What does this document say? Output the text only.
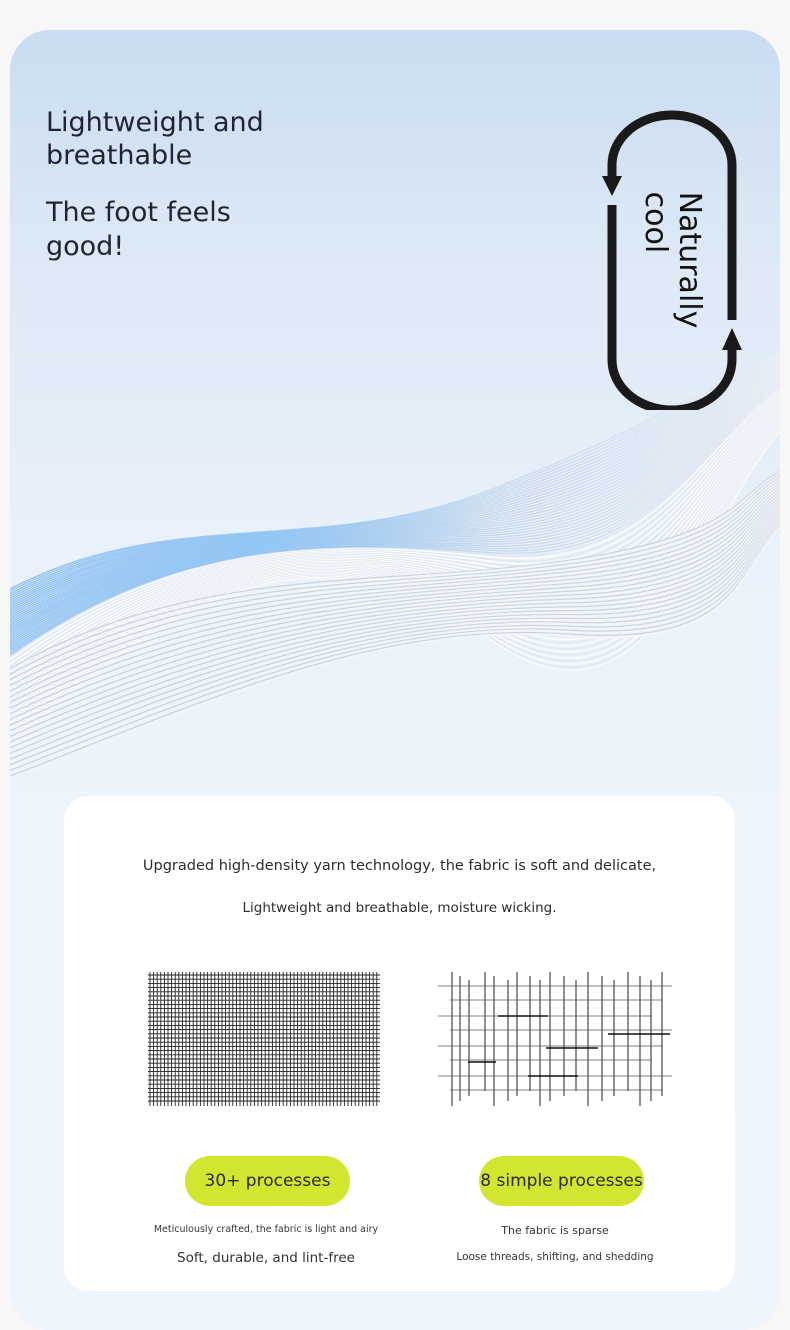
Lightweight and breathable
The foot feels good!	Naturally
cool

Upgraded high-density yarn technology, the fabric is soft and delicate,

Lightweight and breathable, moisture wicking.

30+ processes	8 simple processes

Meticulously crafted, the fabric is light and airy

Soft, durable, and lint-free

The fabric is sparse

Loose threads, shifting, and shedding
